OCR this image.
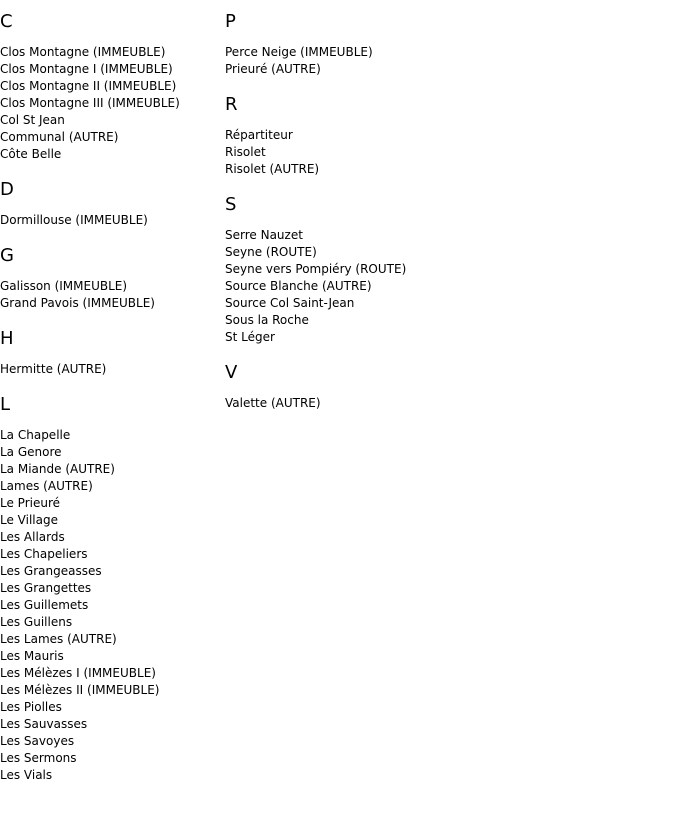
C
Clos Montagne (IMMEUBLE)
Clos Montagne I (IMMEUBLE)
Clos Montagne II (IMMEUBLE)
Clos Montagne III (IMMEUBLE)
Col St Jean
Communal (AUTRE)
Côte Belle
D
Dormillouse (IMMEUBLE)
G
Galisson (IMMEUBLE)
Grand Pavois (IMMEUBLE)
H
Hermitte (AUTRE)
L
La Chapelle
La Genore
La Miande (AUTRE)
Lames (AUTRE)
Le Prieuré
Le Village
Les Allards
Les Chapeliers
Les Grangeasses
Les Grangettes
Les Guillemets
Les Guillens
Les Lames (AUTRE)
Les Mauris
Les Mélèzes I (IMMEUBLE)
Les Mélèzes II (IMMEUBLE)
Les Piolles
Les Sauvasses
Les Savoyes
Les Sermons
Les Vials
P
Perce Neige (IMMEUBLE)
Prieuré (AUTRE)
R
Répartiteur
Risolet
Risolet (AUTRE)
S
Serre Nauzet
Seyne (ROUTE)
Seyne vers Pompiéry (ROUTE)
Source Blanche (AUTRE)
Source Col Saint-Jean
Sous la Roche
St Léger
V
Valette (AUTRE)
